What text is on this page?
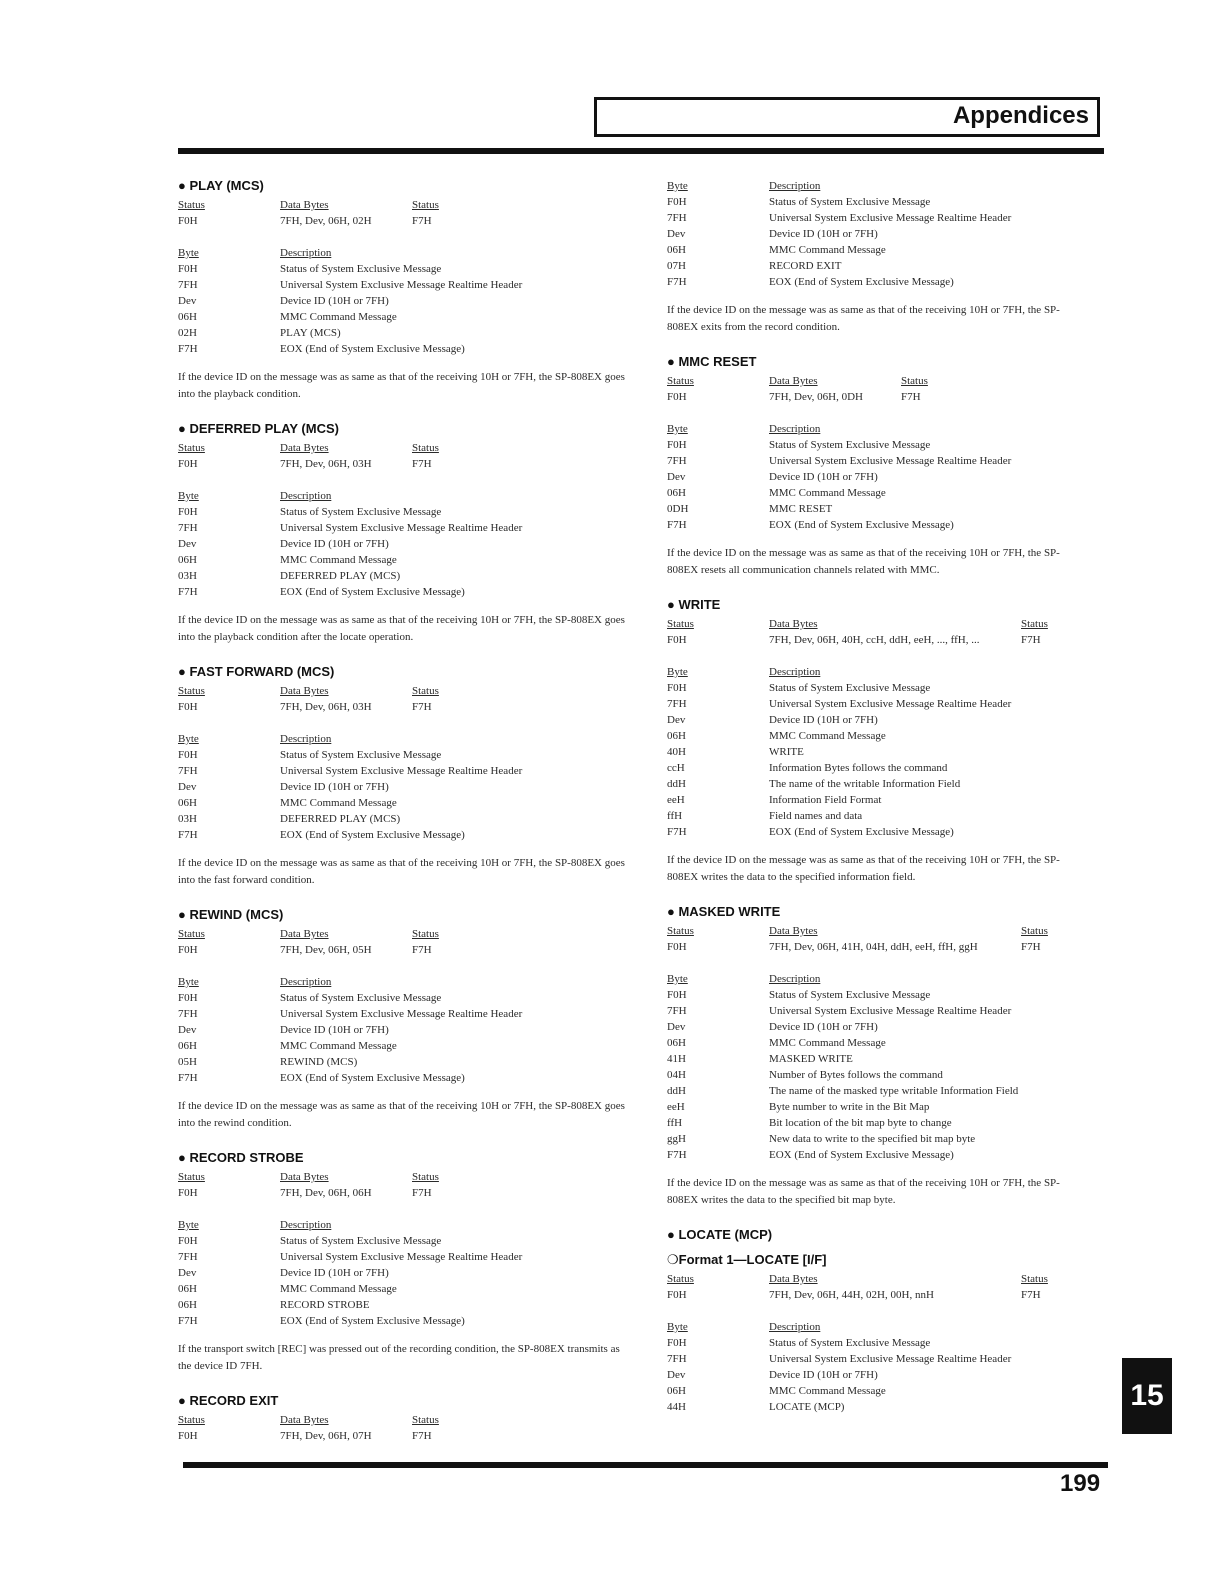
Appendices
● PLAY (MCS)
Status	Data Bytes	Status
F0H	7FH, Dev, 06H, 02H	F7H
Byte	Description
F0H	Status of System Exclusive Message
7FH	Universal System Exclusive Message Realtime Header
Dev	Device ID (10H or 7FH)
06H	MMC Command Message
02H	PLAY (MCS)
F7H	EOX (End of System Exclusive Message)
If the device ID on the message was as same as that of the receiving 10H or 7FH, the SP-808EX goes into the playback condition.
● DEFERRED PLAY (MCS)
Status	Data Bytes	Status
F0H	7FH, Dev, 06H, 03H	F7H
Byte	Description
F0H	Status of System Exclusive Message
7FH	Universal System Exclusive Message Realtime Header
Dev	Device ID (10H or 7FH)
06H	MMC Command Message
03H	DEFERRED PLAY (MCS)
F7H	EOX (End of System Exclusive Message)
If the device ID on the message was as same as that of the receiving 10H or 7FH, the SP-808EX goes into the playback condition after the locate operation.
● FAST FORWARD (MCS)
Status	Data Bytes	Status
F0H	7FH, Dev, 06H, 03H	F7H
Byte	Description
F0H	Status of System Exclusive Message
7FH	Universal System Exclusive Message Realtime Header
Dev	Device ID (10H or 7FH)
06H	MMC Command Message
03H	DEFERRED PLAY (MCS)
F7H	EOX (End of System Exclusive Message)
If the device ID on the message was as same as that of the receiving 10H or 7FH, the SP-808EX goes into the fast forward condition.
● REWIND (MCS)
Status	Data Bytes	Status
F0H	7FH, Dev, 06H, 05H	F7H
Byte	Description
F0H	Status of System Exclusive Message
7FH	Universal System Exclusive Message Realtime Header
Dev	Device ID (10H or 7FH)
06H	MMC Command Message
05H	REWIND (MCS)
F7H	EOX (End of System Exclusive Message)
If the device ID on the message was as same as that of the receiving 10H or 7FH, the SP-808EX goes into the rewind condition.
● RECORD STROBE
Status	Data Bytes	Status
F0H	7FH, Dev, 06H, 06H	F7H
Byte	Description
F0H	Status of System Exclusive Message
7FH	Universal System Exclusive Message Realtime Header
Dev	Device ID (10H or 7FH)
06H	MMC Command Message
06H	RECORD STROBE
F7H	EOX (End of System Exclusive Message)
If the transport switch [REC] was pressed out of the recording condition, the SP-808EX transmits as the device ID 7FH.
● RECORD EXIT
Status	Data Bytes	Status
F0H	7FH, Dev, 06H, 07H	F7H
Byte	Description
F0H	Status of System Exclusive Message
7FH	Universal System Exclusive Message Realtime Header
Dev	Device ID (10H or 7FH)
06H	MMC Command Message
07H	RECORD EXIT
F7H	EOX (End of System Exclusive Message)
If the device ID on the message was as same as that of the receiving 10H or 7FH, the SP-808EX exits from the record condition.
● MMC RESET
Status	Data Bytes	Status
F0H	7FH, Dev, 06H, 0DH	F7H
Byte	Description
F0H	Status of System Exclusive Message
7FH	Universal System Exclusive Message Realtime Header
Dev	Device ID (10H or 7FH)
06H	MMC Command Message
0DH	MMC RESET
F7H	EOX (End of System Exclusive Message)
If the device ID on the message was as same as that of the receiving 10H or 7FH, the SP-808EX resets all communication channels related with MMC.
● WRITE
Status	Data Bytes	Status
F0H	7FH, Dev, 06H, 40H, ccH, ddH, eeH, ..., ffH, ...	F7H
Byte	Description
F0H	Status of System Exclusive Message
7FH	Universal System Exclusive Message Realtime Header
Dev	Device ID (10H or 7FH)
06H	MMC Command Message
40H	WRITE
ccH	Information Bytes follows the command
ddH	The name of the writable Information Field
eeH	Information Field Format
ffH	Field names and data
F7H	EOX (End of System Exclusive Message)
If the device ID on the message was as same as that of the receiving 10H or 7FH, the SP-808EX writes the data to the specified information field.
● MASKED WRITE
Status	Data Bytes	Status
F0H	7FH, Dev, 06H, 41H, 04H, ddH, eeH, ffH, ggH	F7H
Byte	Description
F0H	Status of System Exclusive Message
7FH	Universal System Exclusive Message Realtime Header
Dev	Device ID (10H or 7FH)
06H	MMC Command Message
41H	MASKED WRITE
04H	Number of Bytes follows the command
ddH	The name of the masked type writable Information Field
eeH	Byte number to write in the Bit Map
ffH	Bit location of the bit map byte to change
ggH	New data to write to the specified bit map byte
F7H	EOX (End of System Exclusive Message)
If the device ID on the message was as same as that of the receiving 10H or 7FH, the SP-808EX writes the data to the specified bit map byte.
● LOCATE (MCP)
❍Format 1—LOCATE [I/F]
Status	Data Bytes	Status
F0H	7FH, Dev, 06H, 44H, 02H, 00H, nnH	F7H
Byte	Description
F0H	Status of System Exclusive Message
7FH	Universal System Exclusive Message Realtime Header
Dev	Device ID (10H or 7FH)
06H	MMC Command Message
44H	LOCATE (MCP)
199
15
